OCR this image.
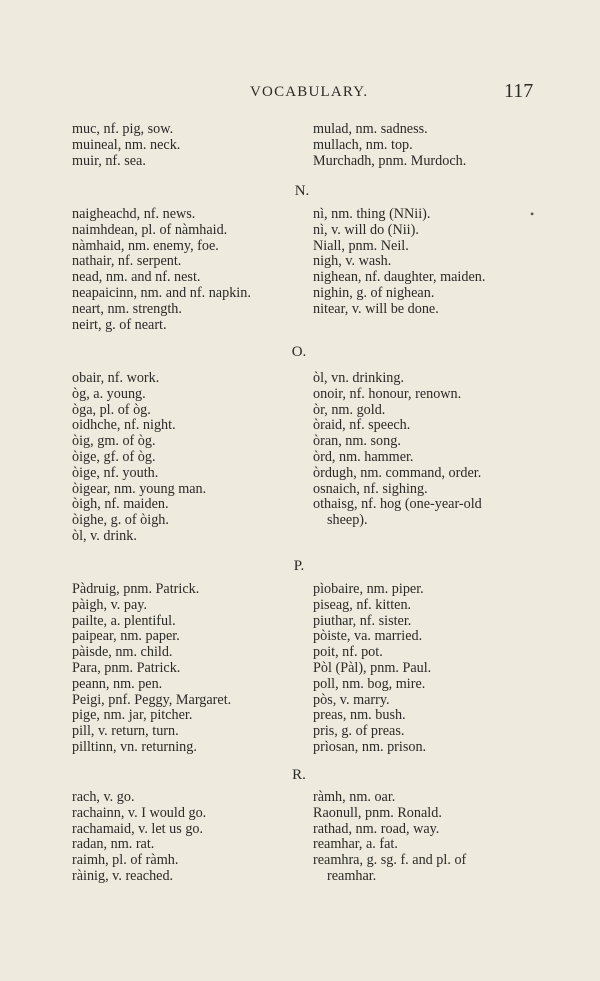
VOCABULARY.	117
muc, nf. pig, sow.
muineal, nm. neck.
muir, nf. sea.
mulad, nm. sadness.
mullach, nm. top.
Murchadh, pnm. Murdoch.
N.
naigheachd, nf. news.
naimhdean, pl. of nàmhaid.
nàmhaid, nm. enemy, foe.
nathair, nf. serpent.
nead, nm. and nf. nest.
neapaicinn, nm. and nf. napkin.
neart, nm. strength.
neirt, g. of neart.
nì, nm. thing (NNii).
nì, v. will do (Nii).
Niall, pnm. Neil.
nigh, v. wash.
nighean, nf. daughter, maiden.
nighin, g. of nighean.
nitear, v. will be done.
•
O.
obair, nf. work.
òg, a. young.
òga, pl. of òg.
oidhche, nf. night.
òig, gm. of òg.
òige, gf. of òg.
òige, nf. youth.
òigear, nm. young man.
òigh, nf. maiden.
òighe, g. of òigh.
òl, v. drink.
òl, vn. drinking.
onoir, nf. honour, renown.
òr, nm. gold.
òraid, nf. speech.
òran, nm. song.
òrd, nm. hammer.
òrdugh, nm. command, order.
osnaich, nf. sighing.
othaisg, nf. hog (one-year-old
sheep).
P.
Pàdruig, pnm. Patrick.
pàigh, v. pay.
pailte, a. plentiful.
paipear, nm. paper.
pàisde, nm. child.
Para, pnm. Patrick.
peann, nm. pen.
Peigi, pnf. Peggy, Margaret.
pige, nm. jar, pitcher.
pill, v. return, turn.
pilltinn, vn. returning.
pìobaire, nm. piper.
piseag, nf. kitten.
piuthar, nf. sister.
pòiste, va. married.
poit, nf. pot.
Pòl (Pàl), pnm. Paul.
poll, nm. bog, mire.
pòs, v. marry.
preas, nm. bush.
pris, g. of preas.
prìosan, nm. prison.
R.
rach, v. go.
rachainn, v. I would go.
rachamaid, v. let us go.
radan, nm. rat.
raimh, pl. of ràmh.
ràinig, v. reached.
ràmh, nm. oar.
Raonull, pnm. Ronald.
rathad, nm. road, way.
reamhar, a. fat.
reamhra, g. sg. f. and pl. of
reamhar.
